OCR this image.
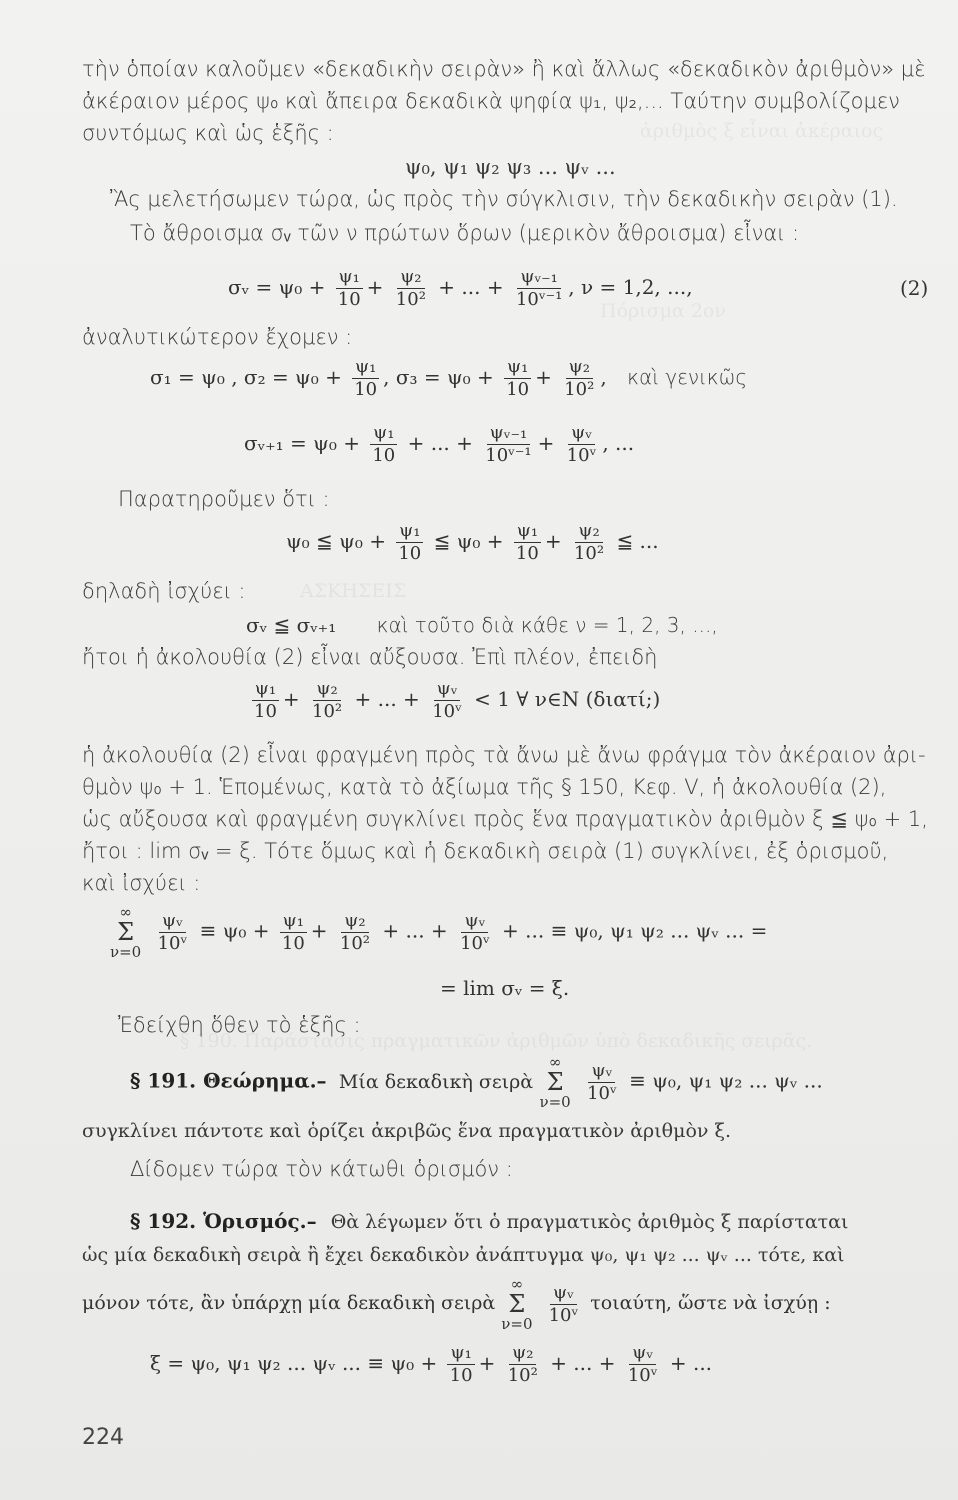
ἀριθμὸς ξ εἶναι ἀκέραιος
Πόρισμα 2ον
ΑΣΚΗΣΕΙΣ
§ 190. Παράστασις πραγματικῶν ἀριθμῶν ὑπὸ δεκαδικῆς σειρᾶς.
τὴν ὁποίαν καλοῦμεν «δεκαδικὴν σειρὰν» ἢ καὶ ἄλλως «δεκαδικὸν ἀριθμὸν» μὲ
ἀκέραιον μέρος ψ₀ καὶ ἄπειρα δεκαδικὰ ψηφία ψ₁, ψ₂,... Ταύτην συμβολίζομεν
συντόμως καὶ ὡς ἑξῆς :
ψ₀, ψ₁ ψ₂ ψ₃ ... ψᵥ ...
Ἂς μελετήσωμεν τώρα, ὡς πρὸς τὴν σύγκλισιν, τὴν δεκαδικὴν σειρὰν (1).
Τὸ ἄθροισμα σᵥ τῶν ν πρώτων ὅρων (μερικὸν ἄθροισμα) εἶναι :
σᵥ = $\psi_0 + \frac{\text{ψ₁}}{10} + \frac{\text{ψ₂}}{\text{10²}}$ + ... + $\frac{\text{ψᵥ₋₁}}{\text{10ᵛ⁻¹}}$ , ν = 1,2, ...,	(2)
ἀναλυτικώτερον ἔχομεν :
σ₁ = ψ₀ , $\sigma_2 = \psi_0 + \frac{\text{ψ₁}}{10}$ , $\sigma_3 = \psi_0 + \frac{\text{ψ₁}}{10} + \frac{\text{ψ₂}}{\text{10²}}$ , καὶ γενικῶς
σᵥ₊₁ = $\psi_0 + \frac{\text{ψ₁}}{10}$ + ... + $\frac{\text{ψᵥ₋₁}}{\text{10ᵛ⁻¹}} + \frac{\text{ψᵥ}}{\text{10ᵛ}}$ , ...
Παρατηροῦμεν ὅτι :
ψ₀ ≦ $\psi_0 + \frac{\text{ψ₁}}{10}$ ≦ $\psi_0 + \frac{\text{ψ₁}}{10} + \frac{\text{ψ₂}}{\text{10²}}$ ≦ ...
δηλαδὴ ἰσχύει :
σᵥ ≦ σᵥ₊₁ καὶ τοῦτο διὰ κάθε ν = 1, 2, 3, ...,
ἤτοι ἡ ἀκολουθία (2) εἶναι αὔξουσα. Ἐπὶ πλέον, ἐπειδὴ
$\frac{\text{ψ₁}}{10} + \frac{\text{ψ₂}}{\text{10²}}$ + ... + $\frac{\text{ψᵥ}}{\text{10ᵛ}} < 1$ ∀ ν∈N (διατί;)
ἡ ἀκολουθία (2) εἶναι φραγμένη πρὸς τὰ ἄνω μὲ ἄνω φράγμα τὸν ἀκέραιον ἀρι-
θμὸν ψ₀ + 1. Ἑπομένως, κατὰ τὸ ἀξίωμα τῆς § 150, Κεφ. V, ἡ ἀκολουθία (2),
ὡς αὔξουσα καὶ φραγμένη συγκλίνει πρὸς ἕνα πραγματικὸν ἀριθμὸν ξ ≦ ψ₀ + 1,
ἤτοι : lim σᵥ = ξ. Τότε ὅμως καὶ ἡ δεκαδικὴ σειρὰ (1) συγκλίνει, ἐξ ὁρισμοῦ,
καὶ ἰσχύει :
∞
Σ
ν=0
$\frac{\text{ψᵥ}}{\text{10ᵛ}} \equiv \psi_0 + \frac{\text{ψ₁}}{10} + \frac{\text{ψ₂}}{\text{10²}}$ + ... + $\frac{\text{ψᵥ}}{\text{10ᵛ}}$ + ... ≡ ψ₀, ψ₁ ψ₂ ... ψᵥ ... =
= lim σᵥ = ξ.
Ἐδείχθη ὅθεν τὸ ἑξῆς :
§ 191. Θεώρημα.– Μία δεκαδικὴ σειρὰ
∞
Σ
ν=0
$\frac{\text{ψᵥ}}{\text{10ᵛ}} \equiv \psi_0$, ψ₁ ψ₂ ... ψᵥ ...
συγκλίνει πάντοτε καὶ ὁρίζει ἀκριβῶς ἕνα πραγματικὸν ἀριθμὸν ξ.
Δίδομεν τώρα τὸν κάτωθι ὁρισμόν :
§ 192. Ὁρισμός.– Θὰ λέγωμεν ὅτι ὁ πραγματικὸς ἀριθμὸς ξ παρίσταται
ὡς μία δεκαδικὴ σειρὰ ἢ ἔχει δεκαδικὸν ἀνάπτυγμα ψ₀, ψ₁ ψ₂ ... ψᵥ ... τότε, καὶ
μόνον τότε, ἂν ὑπάρχῃ μία δεκαδικὴ σειρὰ
∞
Σ
ν=0
$\frac{\text{ψᵥ}}{\text{10ᵛ}} \tau o\iota\alpha ύ\tau\eta$, ὥστε νὰ ἰσχύῃ :
ξ = ψ₀, ψ₁ ψ₂ ... ψᵥ ... ≡ $\psi_0 + \frac{\text{ψ₁}}{10} + \frac{\text{ψ₂}}{\text{10²}}$ + ... + $\frac{\text{ψᵥ}}{\text{10ᵛ}}$ + ...
224
